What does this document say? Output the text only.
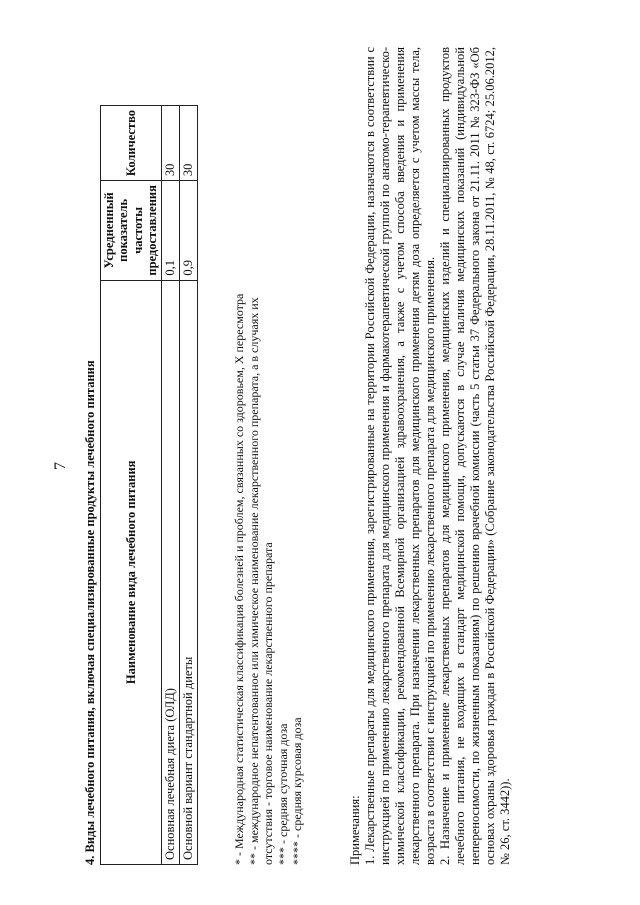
7 4. Виды лечебного питания, включая специализированные продукты лечебного питания Наименование вида лечебного питания	Усредненный показатель частоты предоставления	Количество
Основная лечебная диета (ОЛД)	0,1	30
Основной вариант стандартной диеты	0,9	30
* - Международная статистическая классификация болезней и проблем, связанных со здоровьем, X пересмотра ** - международное непатентованное или химическое наименование лекарственного препарата, а в случаях их отсутствия - торговое наименование лекарственного препарата *** - средняя суточная доза **** - средняя курсовая доза	Примечания: 1. Лекарственные препараты для медицинского применения, зарегистрированные на территории Российской Федерации, назначаются в соответствии с инструкцией по применению лекарственного препарата для медицинского применения и фармакотерапевтической группой по анатомо-терапевтическо-химической классификации, рекомендованной Всемирной организацией здравоохранения, а также с учетом способа введения и применения лекарственного препарата. При назначении лекарственных препаратов для медицинского применения детям доза определяется с учетом массы тела, возраста в соответствии с инструкцией по применению лекарственного препарата для медицинского применения. 2. Назначение и применение лекарственных препаратов для медицинского применения, медицинских изделий и специализированных продуктов лечебного питания, не входящих в стандарт медицинской помощи, допускаются в случае наличия медицинских показаний (индивидуальной непереносимости, по жизненным показаниям) по решению врачебной комиссии (часть 5 статьи 37 Федерального закона от 21.11. 2011 № 323-ФЗ «Об основах охраны здоровья граждан в Российской Федерации» (Собрание законодательства Российской Федерации, 28.11.2011, № 48, ст. 6724; 25.06.2012, № 26, ст. 3442)).
